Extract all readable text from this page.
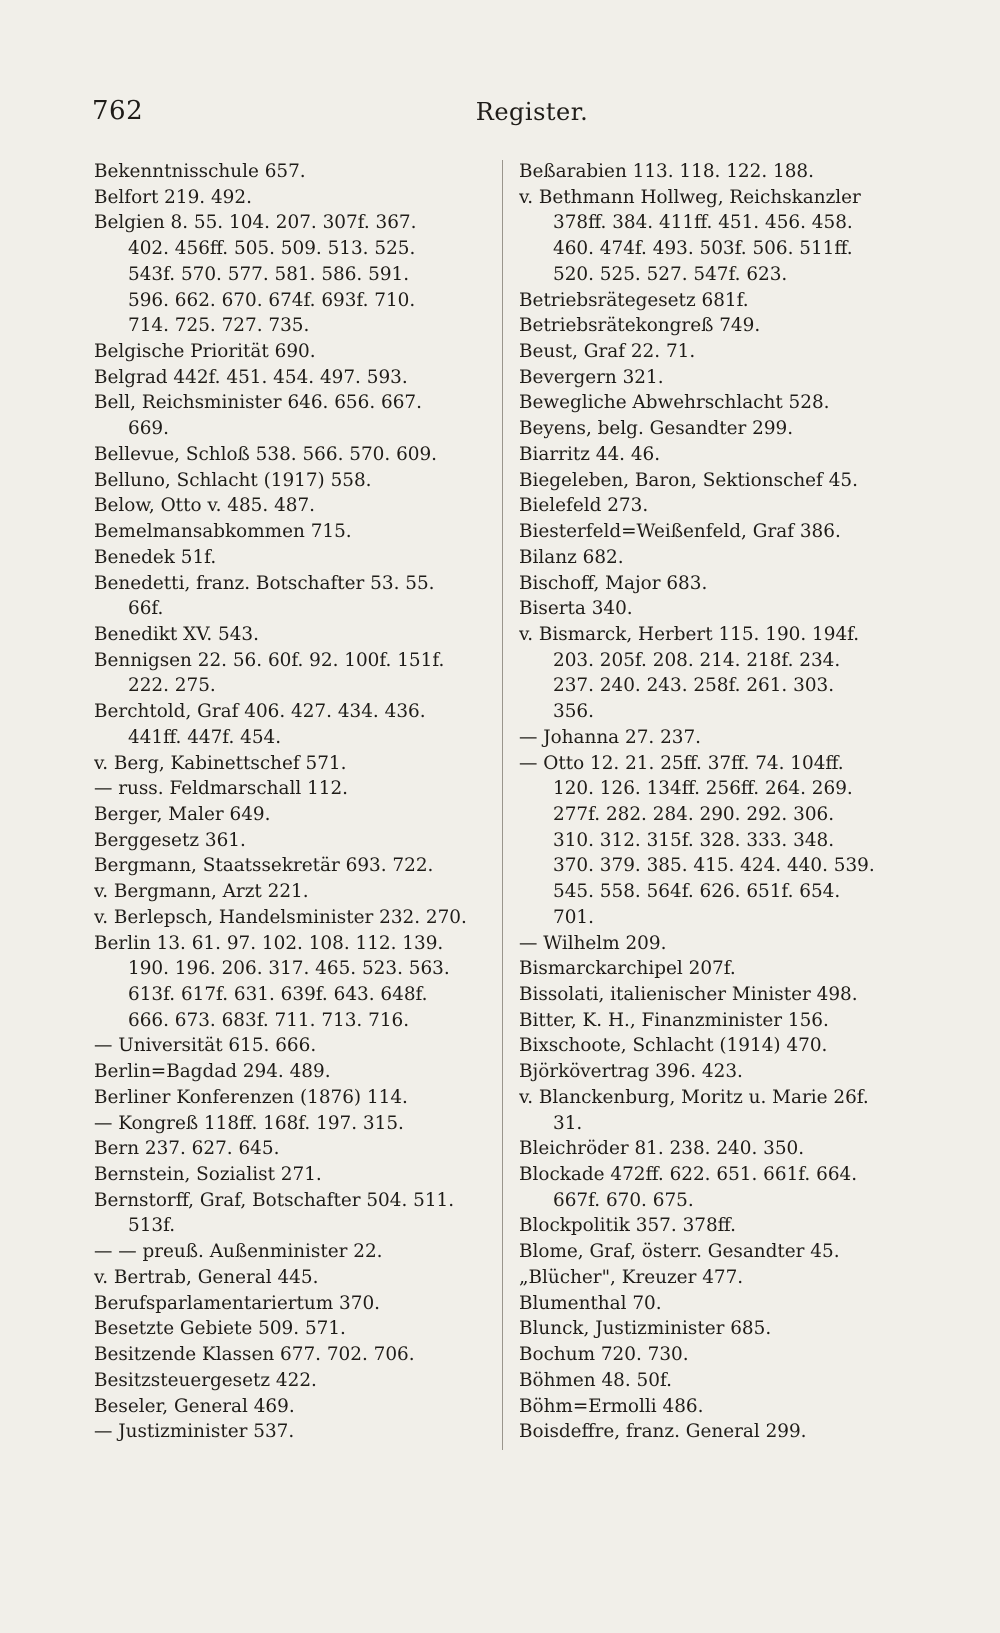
762	Register.
Bekenntnisschule 657.
Belfort 219. 492.
Belgien 8. 55. 104. 207. 307f. 367.
402. 456ff. 505. 509. 513. 525.
543f. 570. 577. 581. 586. 591.
596. 662. 670. 674f. 693f. 710.
714. 725. 727. 735.
Belgische Priorität 690.
Belgrad 442f. 451. 454. 497. 593.
Bell, Reichsminister 646. 656. 667.
669.
Bellevue, Schloß 538. 566. 570. 609.
Belluno, Schlacht (1917) 558.
Below, Otto v. 485. 487.
Bemelmansabkommen 715.
Benedek 51f.
Benedetti, franz. Botschafter 53. 55.
66f.
Benedikt XV. 543.
Bennigsen 22. 56. 60f. 92. 100f. 151f.
222. 275.
Berchtold, Graf 406. 427. 434. 436.
441ff. 447f. 454.
v. Berg, Kabinettschef 571.
— russ. Feldmarschall 112.
Berger, Maler 649.
Berggesetz 361.
Bergmann, Staatssekretär 693. 722.
v. Bergmann, Arzt 221.
v. Berlepsch, Handelsminister 232. 270.
Berlin 13. 61. 97. 102. 108. 112. 139.
190. 196. 206. 317. 465. 523. 563.
613f. 617f. 631. 639f. 643. 648f.
666. 673. 683f. 711. 713. 716.
— Universität 615. 666.
Berlin=Bagdad 294. 489.
Berliner Konferenzen (1876) 114.
— Kongreß 118ff. 168f. 197. 315.
Bern 237. 627. 645.
Bernstein, Sozialist 271.
Bernstorff, Graf, Botschafter 504. 511.
513f.
— — preuß. Außenminister 22.
v. Bertrab, General 445.
Berufsparlamentariertum 370.
Besetzte Gebiete 509. 571.
Besitzende Klassen 677. 702. 706.
Besitzsteuergesetz 422.
Beseler, General 469.
— Justizminister 537.
Beßarabien 113. 118. 122. 188.
v. Bethmann Hollweg, Reichskanzler
378ff. 384. 411ff. 451. 456. 458.
460. 474f. 493. 503f. 506. 511ff.
520. 525. 527. 547f. 623.
Betriebsrätegesetz 681f.
Betriebsrätekongreß 749.
Beust, Graf 22. 71.
Bevergern 321.
Bewegliche Abwehrschlacht 528.
Beyens, belg. Gesandter 299.
Biarritz 44. 46.
Biegeleben, Baron, Sektionschef 45.
Bielefeld 273.
Biesterfeld=Weißenfeld, Graf 386.
Bilanz 682.
Bischoff, Major 683.
Biserta 340.
v. Bismarck, Herbert 115. 190. 194f.
203. 205f. 208. 214. 218f. 234.
237. 240. 243. 258f. 261. 303.
356.
— Johanna 27. 237.
— Otto 12. 21. 25ff. 37ff. 74. 104ff.
120. 126. 134ff. 256ff. 264. 269.
277f. 282. 284. 290. 292. 306.
310. 312. 315f. 328. 333. 348.
370. 379. 385. 415. 424. 440. 539.
545. 558. 564f. 626. 651f. 654.
701.
— Wilhelm 209.
Bismarckarchipel 207f.
Bissolati, italienischer Minister 498.
Bitter, K. H., Finanzminister 156.
Bixschoote, Schlacht (1914) 470.
Björkövertrag 396. 423.
v. Blanckenburg, Moritz u. Marie 26f.
31.
Bleichröder 81. 238. 240. 350.
Blockade 472ff. 622. 651. 661f. 664.
667f. 670. 675.
Blockpolitik 357. 378ff.
Blome, Graf, österr. Gesandter 45.
„Blücher", Kreuzer 477.
Blumenthal 70.
Blunck, Justizminister 685.
Bochum 720. 730.
Böhmen 48. 50f.
Böhm=Ermolli 486.
Boisdeffre, franz. General 299.
